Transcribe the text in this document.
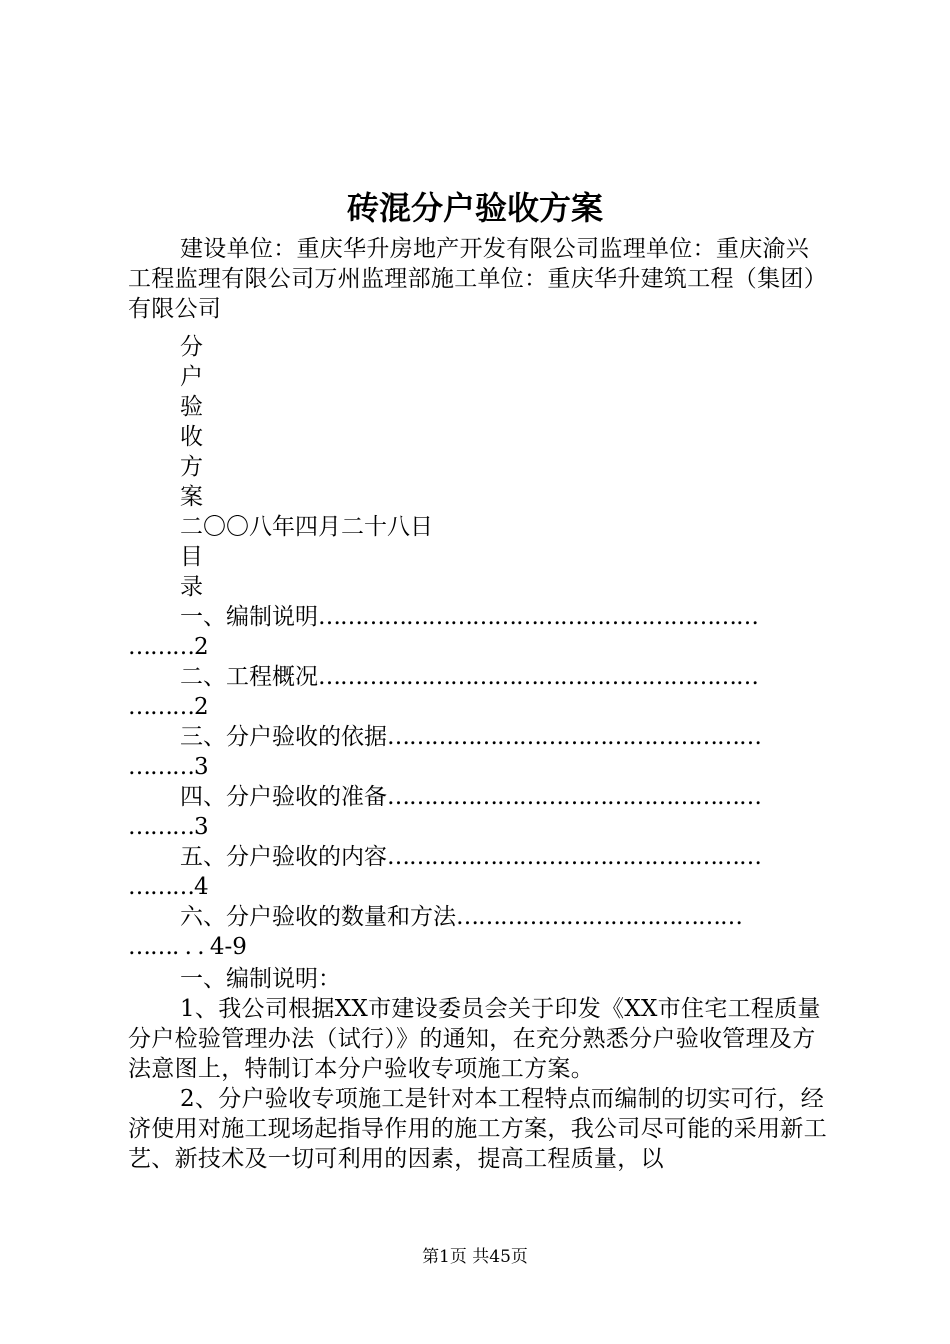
砖混分户验收方案
建设单位：重庆华升房地产开发有限公司监理单位：重庆渝兴工程监理有限公司万州监理部施工单位：重庆华升建筑工程（集团）有限公司
分
户
验
收
方
案
二〇〇八年四月二十八日
目
录
一、编制说明……………………………………………………
………2
二、工程概况……………………………………………………
………2
三、分户验收的依据……………………………………………
………3
四、分户验收的准备……………………………………………
………3
五、分户验收的内容……………………………………………
………4
六、分户验收的数量和方法…………………………………
……. . . 4-9
一、编制说明：
1、我公司根据XX市建设委员会关于印发《XX市住宅工程质量分户检验管理办法（试行）》的通知，在充分熟悉分户验收管理及方法意图上，特制订本分户验收专项施工方案。
2、分户验收专项施工是针对本工程特点而编制的切实可行，经济使用对施工现场起指导作用的施工方案，我公司尽可能的采用新工艺、新技术及一切可利用的因素，提高工程质量，以
第1页 共45页
